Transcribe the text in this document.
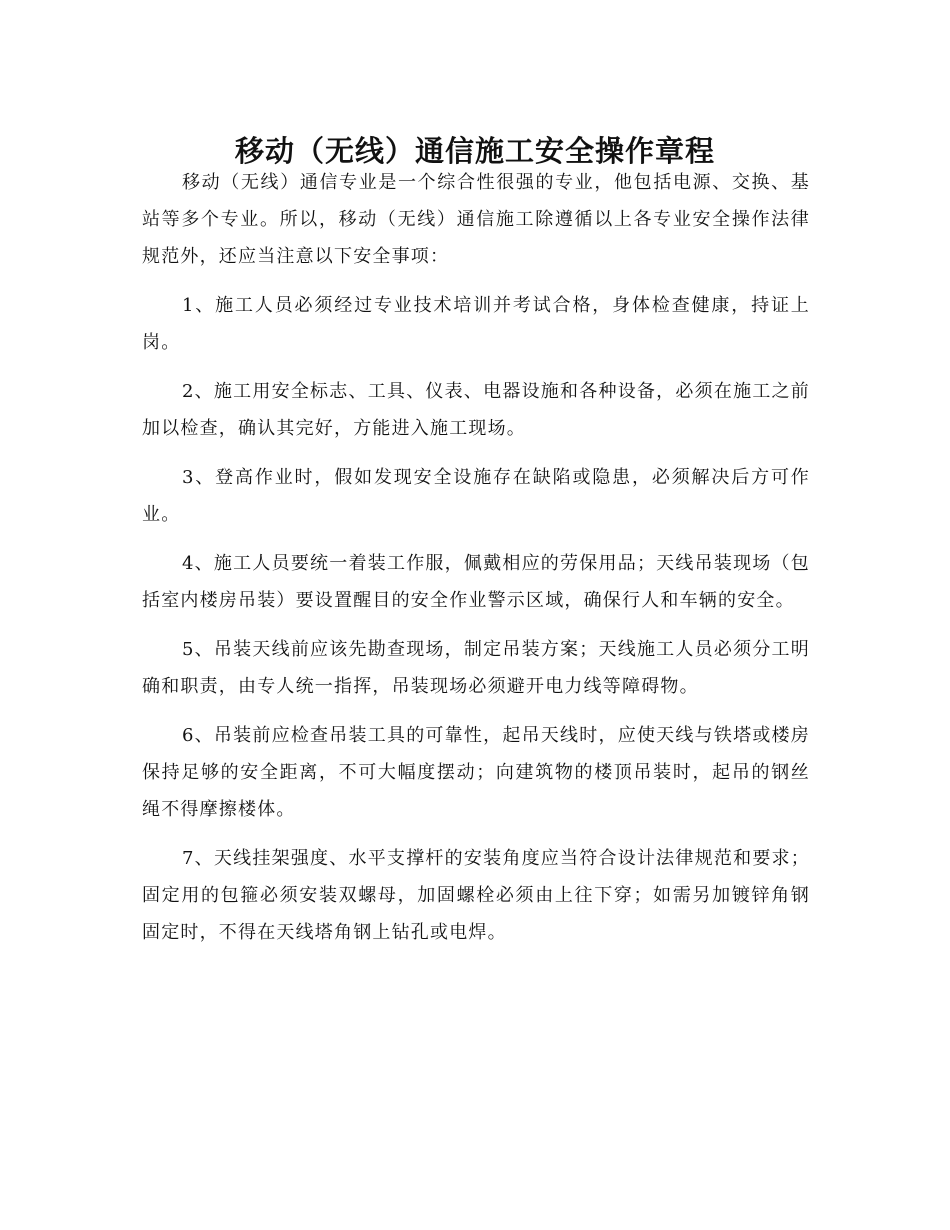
移动（无线）通信施工安全操作章程

移动（无线）通信专业是一个综合性很强的专业，他包括电源、交换、基站等多个专业。所以，移动（无线）通信施工除遵循以上各专业安全操作法律规范外，还应当注意以下安全事项：

1、施工人员必须经过专业技术培训并考试合格，身体检查健康，持证上岗。

2、施工用安全标志、工具、仪表、电器设施和各种设备，必须在施工之前加以检查，确认其完好，方能进入施工现场。

3、登高作业时，假如发现安全设施存在缺陷或隐患，必须解决后方可作业。

4、施工人员要统一着装工作服，佩戴相应的劳保用品；天线吊装现场（包括室内楼房吊装）要设置醒目的安全作业警示区域，确保行人和车辆的安全。

5、吊装天线前应该先勘查现场，制定吊装方案；天线施工人员必须分工明确和职责，由专人统一指挥，吊装现场必须避开电力线等障碍物。

6、吊装前应检查吊装工具的可靠性，起吊天线时，应使天线与铁塔或楼房保持足够的安全距离，不可大幅度摆动；向建筑物的楼顶吊装时，起吊的钢丝绳不得摩擦楼体。

7、天线挂架强度、水平支撑杆的安装角度应当符合设计法律规范和要求；固定用的包箍必须安装双螺母，加固螺栓必须由上往下穿；如需另加镀锌角钢固定时，不得在天线塔角钢上钻孔或电焊。
